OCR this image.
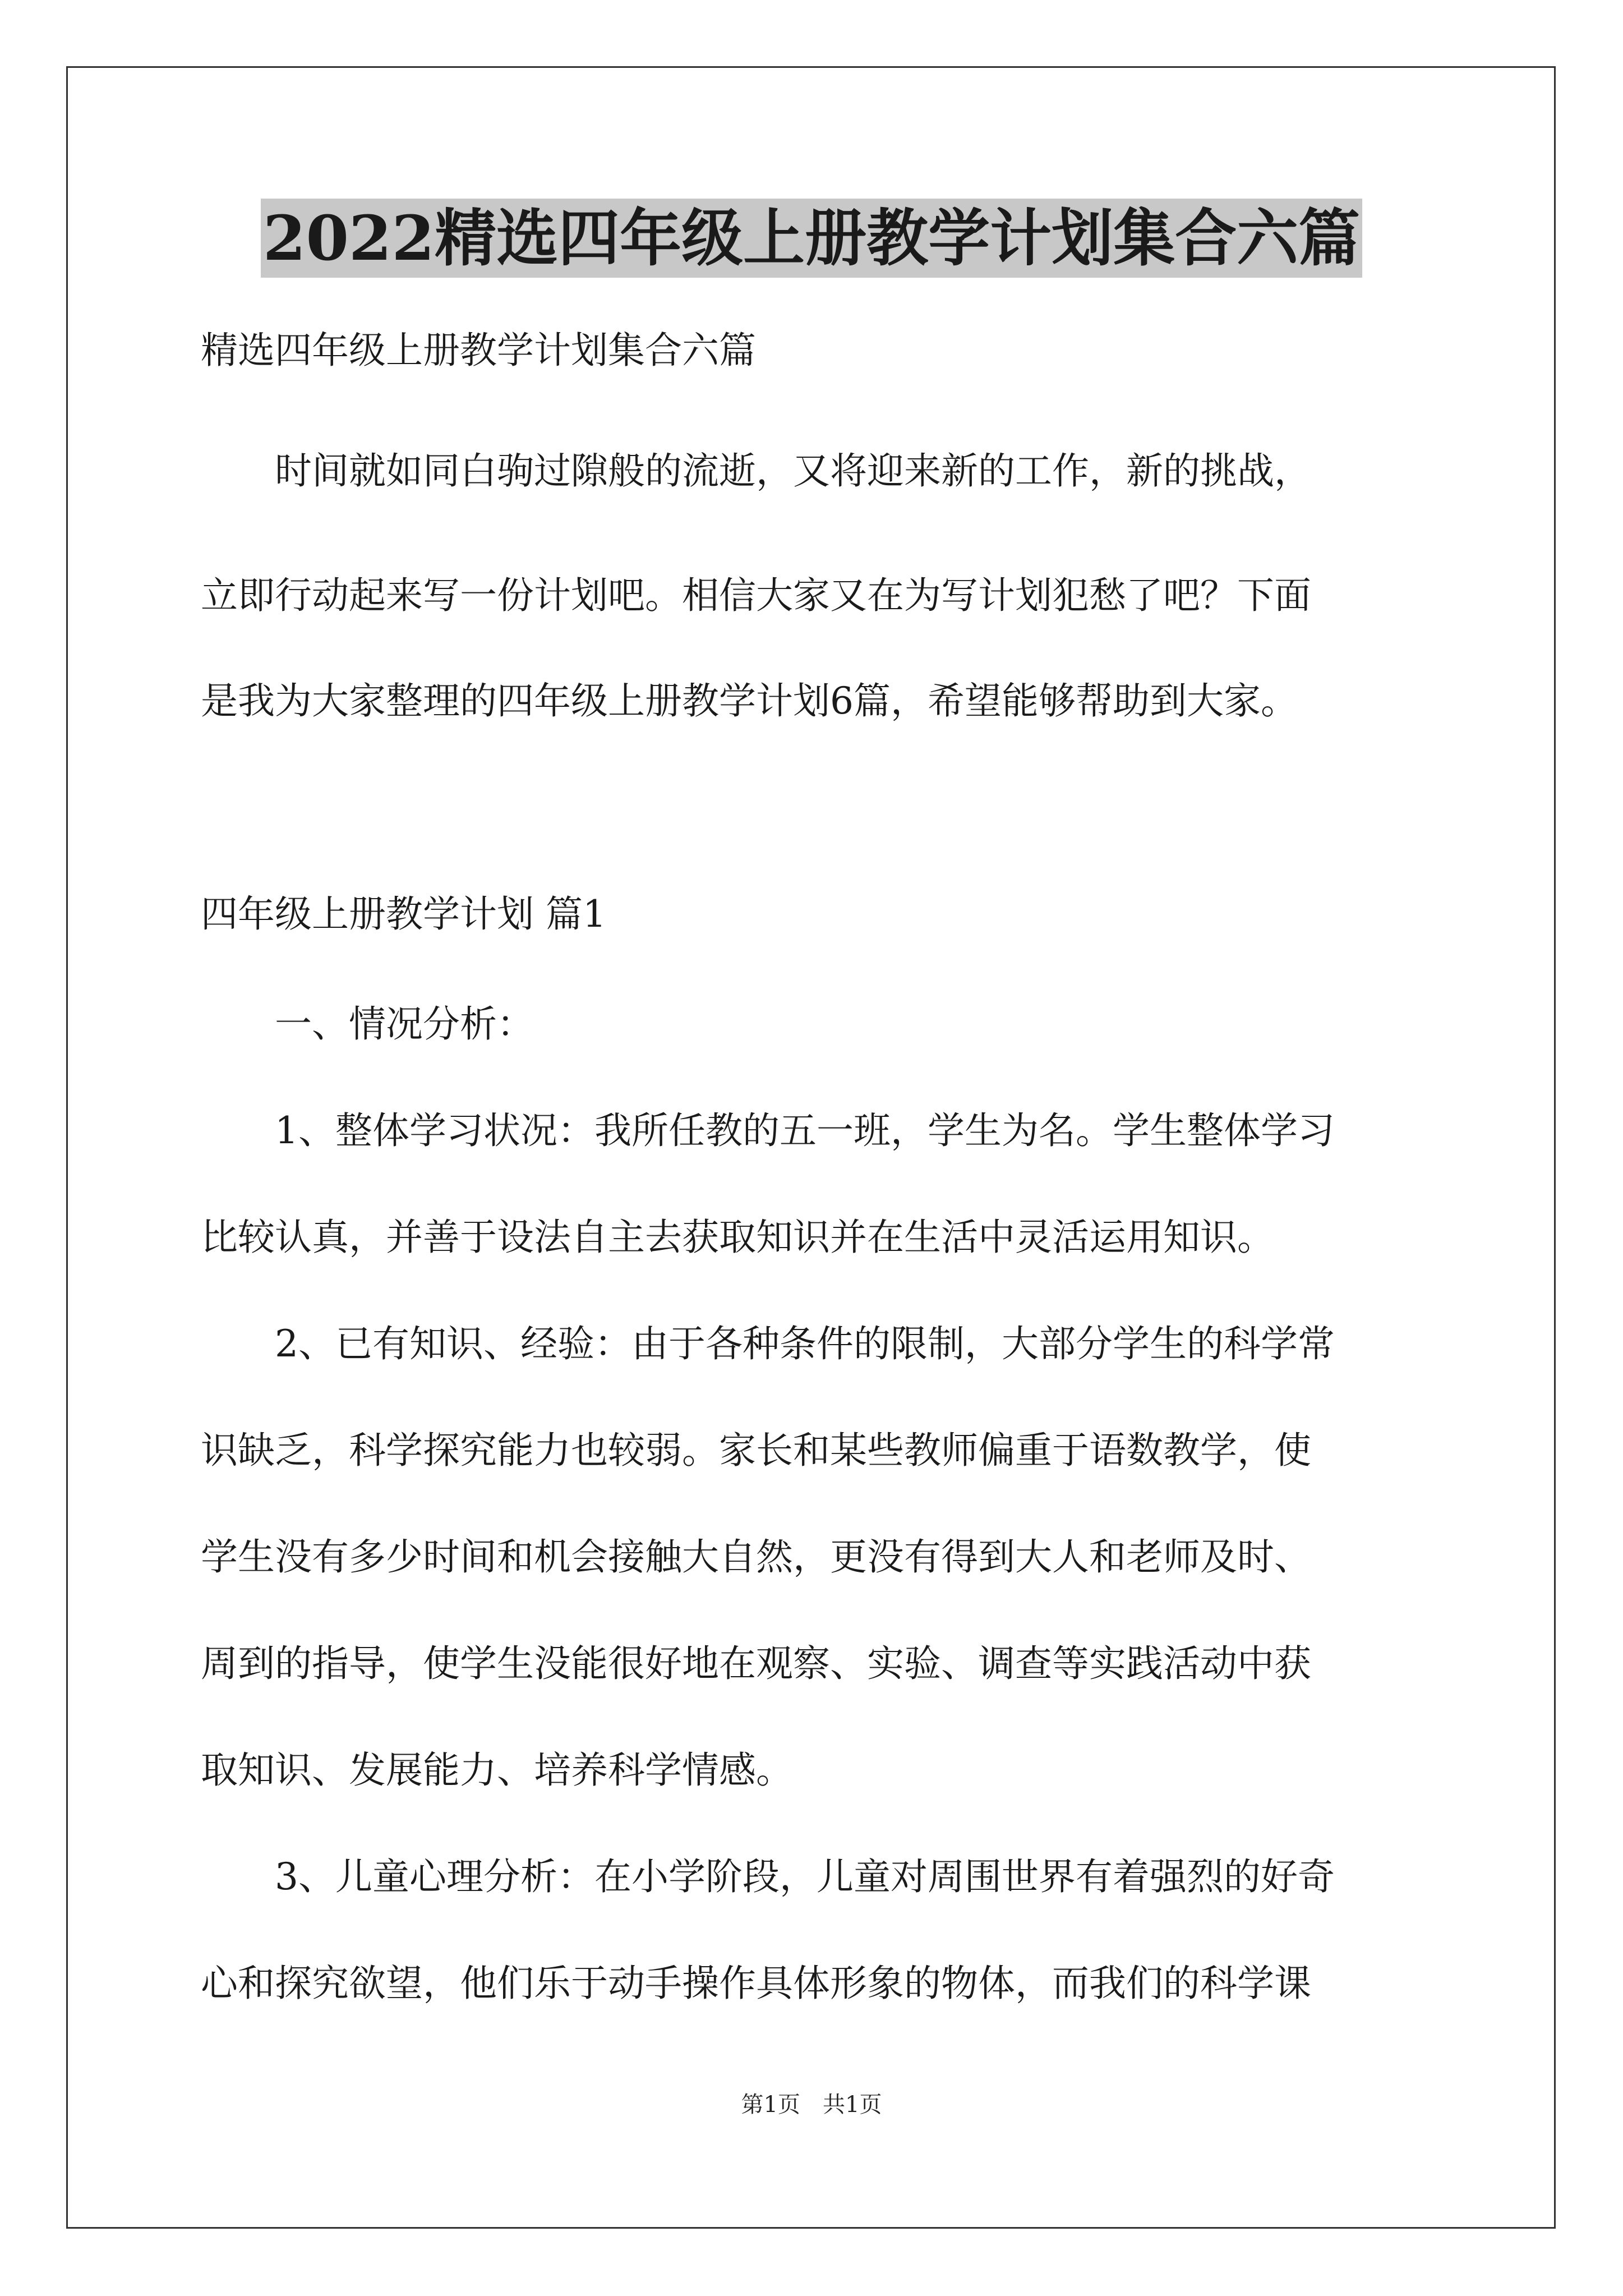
2022精选四年级上册教学计划集合六篇
精选四年级上册教学计划集合六篇
　　时间就如同白驹过隙般的流逝，又将迎来新的工作，新的挑战，
立即行动起来写一份计划吧。相信大家又在为写计划犯愁了吧？下面
是我为大家整理的四年级上册教学计划6篇，希望能够帮助到大家。
四年级上册教学计划 篇1
　　一、情况分析：
　　1、整体学习状况：我所任教的五一班，学生为名。学生整体学习
比较认真，并善于设法自主去获取知识并在生活中灵活运用知识。
　　2、已有知识、经验：由于各种条件的限制，大部分学生的科学常
识缺乏，科学探究能力也较弱。家长和某些教师偏重于语数教学，使
学生没有多少时间和机会接触大自然，更没有得到大人和老师及时、
周到的指导，使学生没能很好地在观察、实验、调查等实践活动中获
取知识、发展能力、培养科学情感。
　　3、儿童心理分析：在小学阶段，儿童对周围世界有着强烈的好奇
心和探究欲望，他们乐于动手操作具体形象的物体，而我们的科学课
第1页　共1页
